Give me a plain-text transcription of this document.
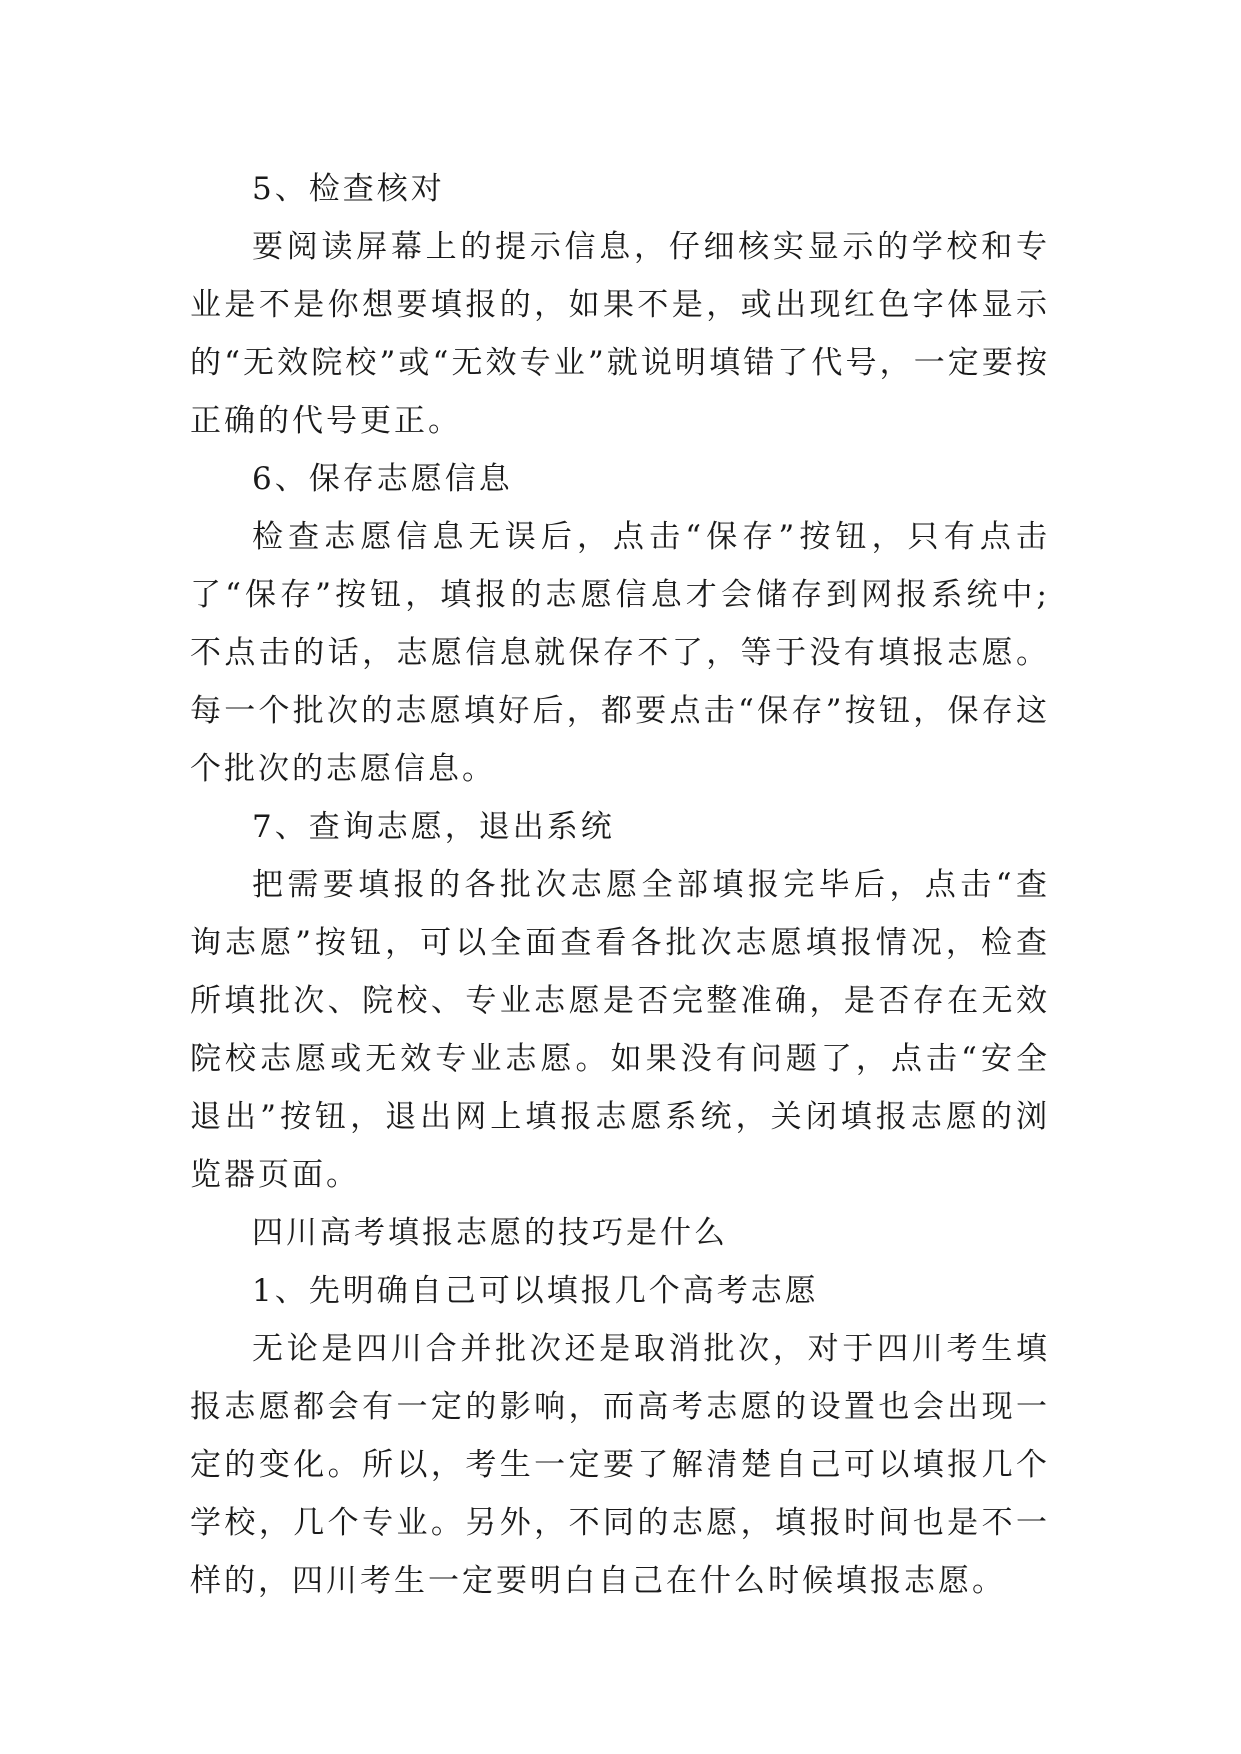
5、检查核对

要阅读屏幕上的提示信息，仔细核实显示的学校和专业是不是你想要填报的，如果不是，或出现红色字体显示的“无效院校”或“无效专业”就说明填错了代号，一定要按正确的代号更正。

6、保存志愿信息

检查志愿信息无误后，点击“保存”按钮，只有点击了“保存”按钮，填报的志愿信息才会储存到网报系统中;不点击的话，志愿信息就保存不了，等于没有填报志愿。每一个批次的志愿填好后，都要点击“保存”按钮，保存这个批次的志愿信息。

7、查询志愿，退出系统

把需要填报的各批次志愿全部填报完毕后，点击“查询志愿”按钮，可以全面查看各批次志愿填报情况，检查所填批次、院校、专业志愿是否完整准确，是否存在无效院校志愿或无效专业志愿。如果没有问题了，点击“安全退出”按钮，退出网上填报志愿系统，关闭填报志愿的浏览器页面。

四川高考填报志愿的技巧是什么

1、先明确自己可以填报几个高考志愿

无论是四川合并批次还是取消批次，对于四川考生填报志愿都会有一定的影响，而高考志愿的设置也会出现一定的变化。所以，考生一定要了解清楚自己可以填报几个学校，几个专业。另外，不同的志愿，填报时间也是不一样的，四川考生一定要明白自己在什么时候填报志愿。
